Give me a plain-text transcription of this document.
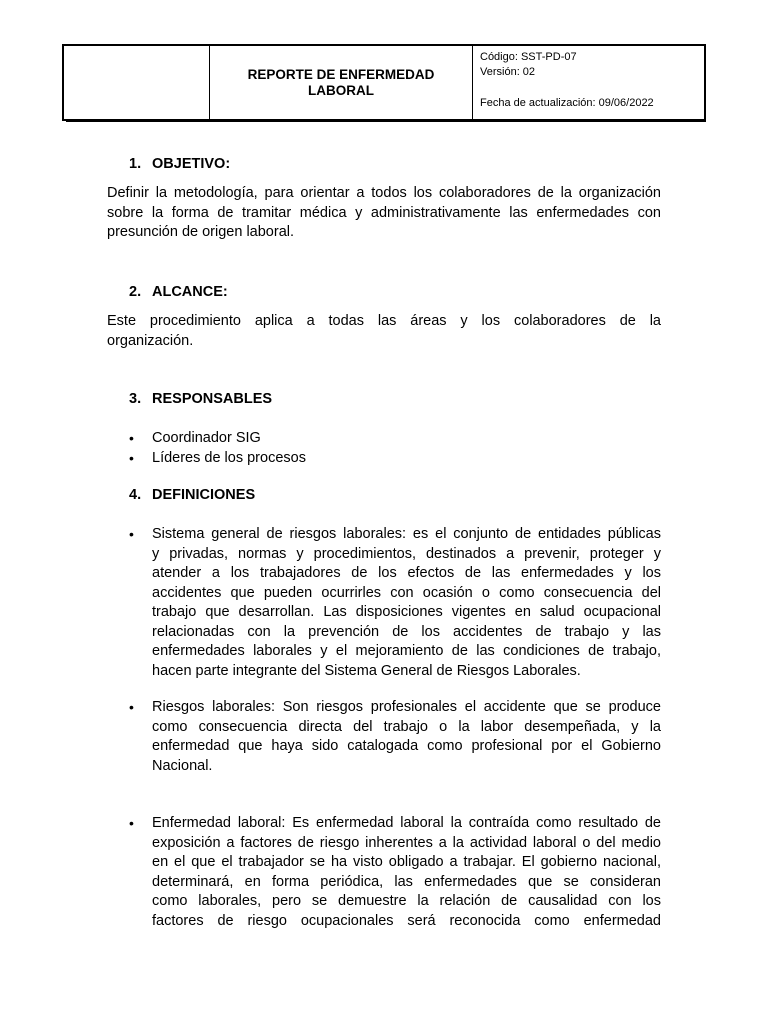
REPORTE DE ENFERMEDAD
LABORAL

Código: SST-PD-07
Versión: 02
Fecha de actualización: 09/06/2022
1. OBJETIVO:
Definir la metodología, para orientar a todos los colaboradores de la organización
sobre la forma de tramitar médica y administrativamente las enfermedades con
presunción de origen laboral.
2. ALCANCE:
Este procedimiento aplica a todas las áreas y los colaboradores de la
organización.
3. RESPONSABLES
• Coordinador SIG
• Líderes de los procesos
4. DEFINICIONES
• Sistema general de riesgos laborales: es el conjunto de entidades públicas
y privadas, normas y procedimientos, destinados a prevenir, proteger y
atender a los trabajadores de los efectos de las enfermedades y los
accidentes que pueden ocurrirles con ocasión o como consecuencia del
trabajo que desarrollan. Las disposiciones vigentes en salud ocupacional
relacionadas con la prevención de los accidentes de trabajo y las
enfermedades laborales y el mejoramiento de las condiciones de trabajo,
hacen parte integrante del Sistema General de Riesgos Laborales.
• Riesgos laborales: Son riesgos profesionales el accidente que se produce
como consecuencia directa del trabajo o la labor desempeñada, y la
enfermedad que haya sido catalogada como profesional por el Gobierno
Nacional.
• Enfermedad laboral: Es enfermedad laboral la contraída como resultado de
exposición a factores de riesgo inherentes a la actividad laboral o del medio
en el que el trabajador se ha visto obligado a trabajar. El gobierno nacional,
determinará, en forma periódica, las enfermedades que se consideran
como laborales, pero se demuestre la relación de causalidad con los
factores de riesgo ocupacionales será reconocida como enfermedad
